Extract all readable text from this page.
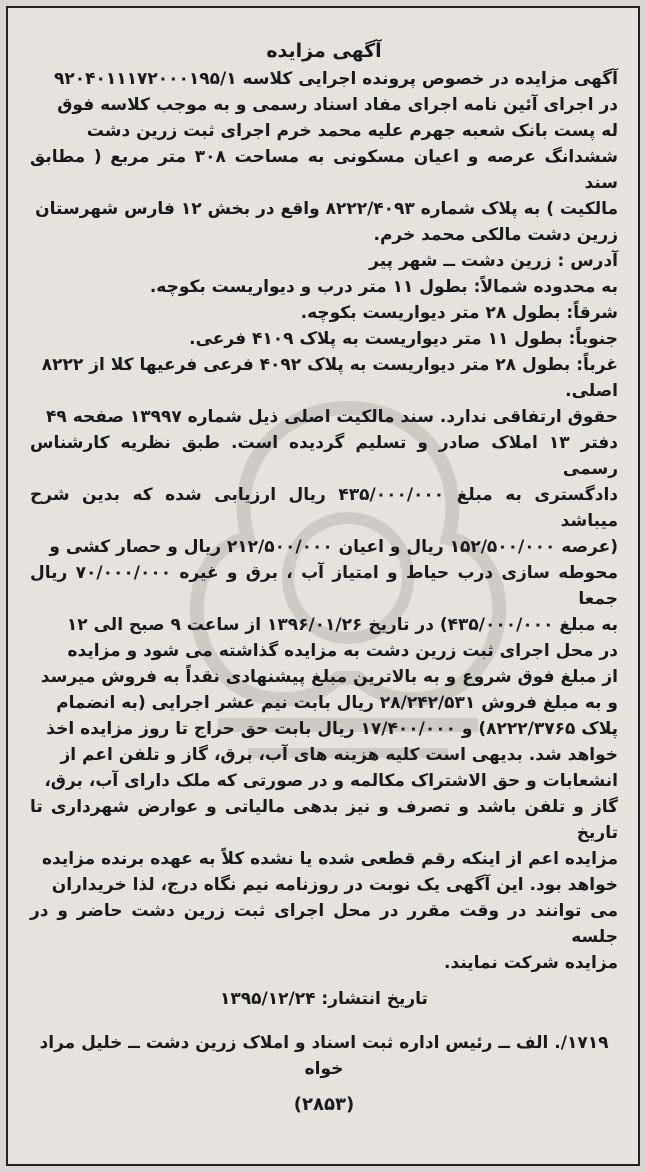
آگهی مزایده
آگهی مزایده در خصوص پرونده اجرایی کلاسه ۹۲۰۴۰۱۱۱۷۲۰۰۰۱۹۵/۱
در اجرای آئین نامه اجرای مفاد اسناد رسمی و به موجب کلاسه فوق
له پست بانک شعبه جهرم علیه محمد خرم اجرای ثبت زرین دشت
ششدانگ عرصه و اعیان مسکونی به مساحت ۳۰۸ متر مربع ( مطابق سند
مالکیت ) به پلاک شماره ۸۲۲۲/۴۰۹۳ واقع در بخش ۱۲ فارس شهرستان
زرین دشت مالکی محمد خرم.
آدرس : زرین دشت ــ شهر پیر
به محدوده شمالاً: بطول ۱۱ متر درب و دیواریست بکوچه.
شرقاً: بطول ۲۸ متر دیواریست بکوچه.
جنوباً: بطول ۱۱ متر دیواریست به پلاک ۴۱۰۹ فرعی.
غرباً: بطول ۲۸ متر دیواریست به پلاک ۴۰۹۲ فرعی فرعیها کلا از ۸۲۲۲
اصلی.
حقوق ارتفاقی ندارد. سند مالکیت اصلی ذیل شماره ۱۳۹۹۷ صفحه ۴۹
دفتر ۱۳ املاک صادر و تسلیم گردیده است. طبق نظریه کارشناس رسمی
دادگستری به مبلغ ۴۳۵/۰۰۰/۰۰۰ ریال ارزیابی شده که بدین شرح میباشد
(عرصه ۱۵۲/۵۰۰/۰۰۰ ریال و اعیان ۲۱۲/۵۰۰/۰۰۰ ریال و حصار کشی و
محوطه سازی درب حیاط و امتیاز آب ، برق و غیره ۷۰/۰۰۰/۰۰۰ ریال جمعا
به مبلغ ۴۳۵/۰۰۰/۰۰۰) در تاریخ ۱۳۹۶/۰۱/۲۶ از ساعت ۹ صبح الی ۱۲
در محل اجرای ثبت زرین دشت به مزایده گذاشته می شود و مزایده
از مبلغ فوق شروع و به بالاترین مبلغ پیشنهادی نقداً به فروش میرسد
و به مبلغ فروش ۲۸/۲۴۲/۵۳۱ ریال بابت نیم عشر اجرایی (به انضمام
پلاک ۸۲۲۲/۳۷۶۵) و ۱۷/۴۰۰/۰۰۰ ریال بابت حق حراج تا روز مزایده اخذ
خواهد شد. بدیهی است کلیه هزینه های آب، برق، گاز و تلفن اعم از
انشعابات و حق الاشتراک مکالمه و در صورتی که ملک دارای آب، برق،
گاز و تلفن باشد و تصرف و نیز بدهی مالیاتی و عوارض شهرداری تا تاریخ
مزایده اعم از اینکه رقم قطعی شده یا نشده کلاً به عهده برنده مزایده
خواهد بود. این آگهی یک نوبت در روزنامه نیم نگاه درج، لذا خریداران
می توانند در وقت مقرر در محل اجرای ثبت زرین دشت حاضر و در جلسه
مزایده شرکت نمایند.
تاریخ انتشار: ۱۳۹۵/۱۲/۲۴
۱۷۱۹/. الف ــ رئیس اداره ثبت اسناد و املاک زرین دشت ــ خلیل مراد خواه
(۲۸۵۳)
